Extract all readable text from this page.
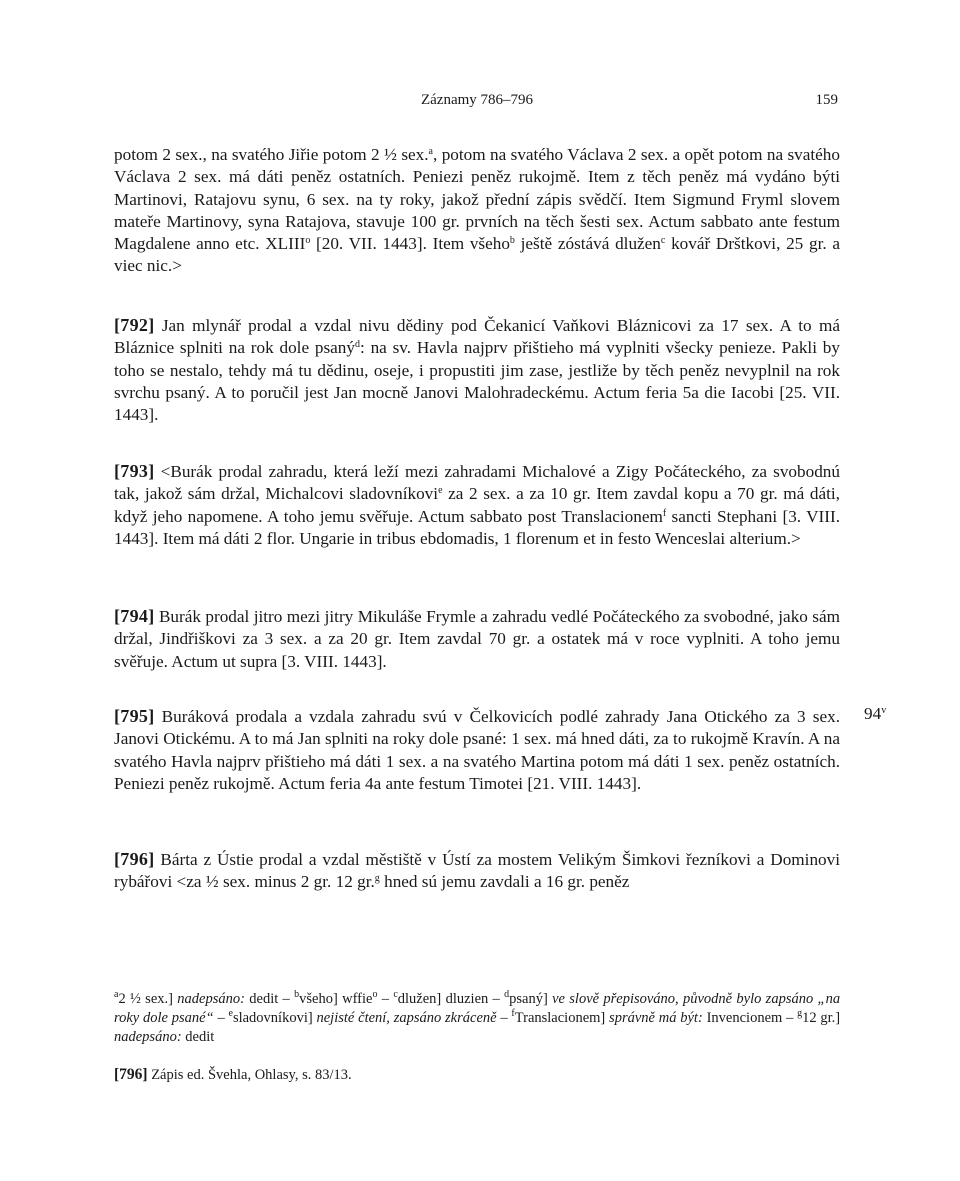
Záznamy 786–796	159

potom 2 sex., na svatého Jiřie potom 2 ½ sex.$^a$, potom na svatého Václava 2 sex. a opět potom na svatého Václava 2 sex. má dáti peněz ostatních. Peniezi peněz rukojmě. Item z těch peněz má vydáno býti Martinovi, Ratajovu synu, 6 sex. na ty roky, jakož přední zápis svědčí. Item Sigmund Fryml slovem mateře Martinovy, syna Ratajova, stavuje 100 gr. prvních na těch šesti sex. Actum sabbato ante festum Magdalene anno etc. XLIII$^o$ [20. VII. 1443]. Item všeho$^b$ ještě zóstává dlužen$^c$ kovář Drštkovi, 25 gr. a viec nic.>

[792] Jan mlynář prodal a vzdal nivu dědiny pod Čekanicí Vaňkovi Bláznicovi za 17 sex. A to má Bláznice splniti na rok dole psaný$^d$: na sv. Havla najprv přištieho má vyplniti všecky penieze. Pakli by toho se nestalo, tehdy má tu dědinu, oseje, i propustiti jim zase, jestliže by těch peněz nevyplnil na rok svrchu psaný. A to poručil jest Jan mocně Janovi Malohradeckému. Actum feria 5a die Iacobi [25. VII. 1443].

[793] <Burák prodal zahradu, která leží mezi zahradami Michalové a Zigy Počáteckého, za svobodnú tak, jakož sám držal, Michalcovi sladovníkovi$^e$ za 2 sex. a za 10 gr. Item zavdal kopu a 70 gr. má dáti, když jeho napomene. A toho jemu svěřuje. Actum sabbato post Translacionem$^f$ sancti Stephani [3. VIII. 1443]. Item má dáti 2 flor. Ungarie in tribus ebdomadis, 1 florenum et in festo Wenceslai alterium.>

[794] Burák prodal jitro mezi jitry Mikuláše Frymle a zahradu vedlé Počáteckého za svobodné, jako sám držal, Jindřiškovi za 3 sex. a za 20 gr. Item zavdal 70 gr. a ostatek má v roce vyplniti. A toho jemu svěřuje. Actum ut supra [3. VIII. 1443].

[795] Buráková prodala a vzdala zahradu svú v Čelkovicích podlé zahrady Jana Otického za 3 sex. Janovi Otickému. A to má Jan splniti na roky dole psané: 1 sex. má hned dáti, za to rukojmě Kravín. A na svatého Havla najprv přištieho má dáti 1 sex. a na svatého Martina potom má dáti 1 sex. peněz ostatních. Peniezi peněz rukojmě. Actum feria 4a ante festum Timotei [21. VIII. 1443].

[796] Bárta z Ústie prodal a vzdal městiště v Ústí za mostem Velikým Šimkovi řezníkovi a Dominovi rybářovi <za ½ sex. minus 2 gr. 12 gr.$^g$ hned sú jemu zavdali a 16 gr. peněz

$^a$2 ½ sex.] nadepsáno: dedit – $^b$všeho] wffie$^o$ – $^c$dlužen] dluzien – $^d$psaný] ve slově přepisováno, původně bylo zapsáno „na roky dole psané“ – $^e$sladovníkovi] nejisté čtení, zapsáno zkráceně – $^f$Translacionem] správně má být: Invencionem – $^g$12 gr.] nadepsáno: dedit
[796] Zápis ed. Švehla, Ohlasy, s. 83/13.
94$^v$
